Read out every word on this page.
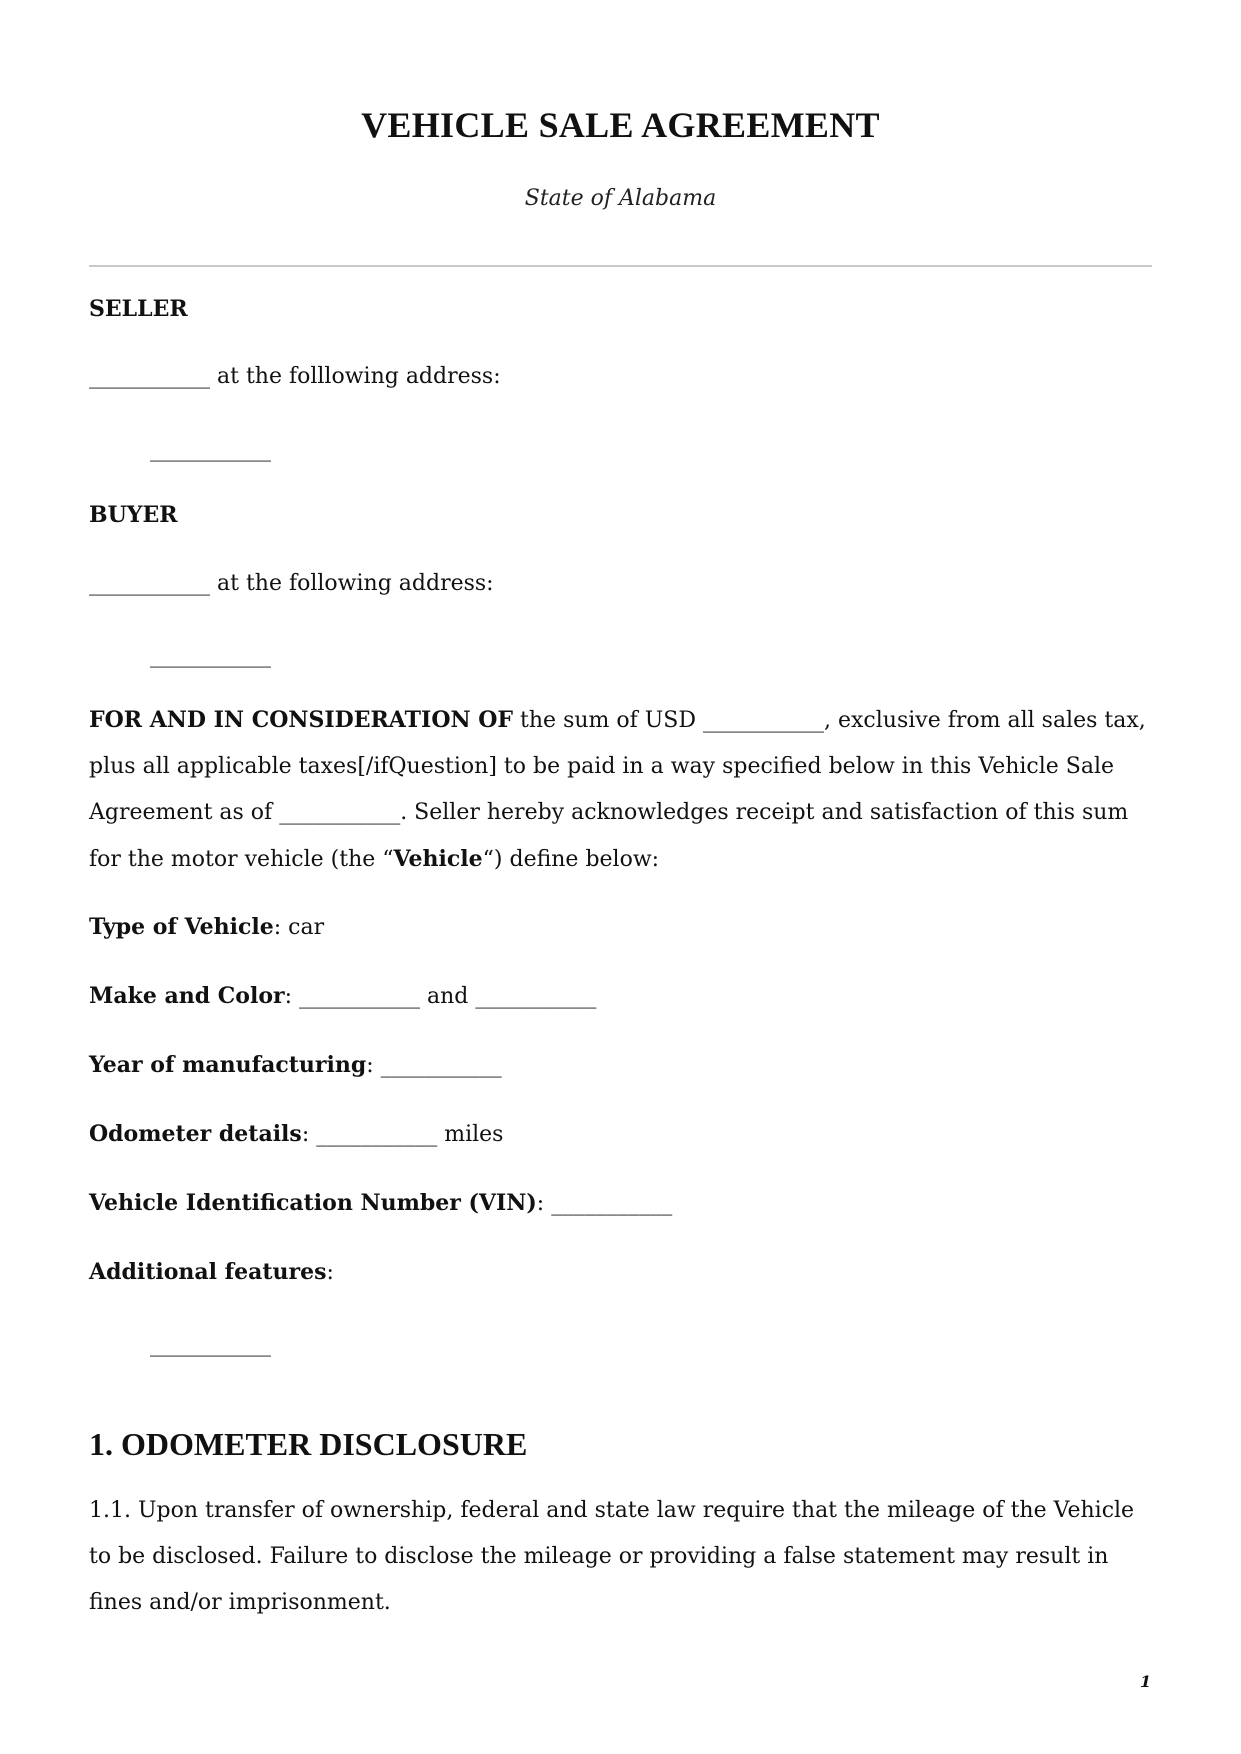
VEHICLE SALE AGREEMENT
State of Alabama
SELLER
___________ at the folllowing address:
___________
BUYER
___________ at the following address:
___________
FOR AND IN CONSIDERATION OF the sum of USD ___________, exclusive from all sales tax, plus all applicable taxes[/ifQuestion] to be paid in a way specified below in this Vehicle Sale Agreement as of ___________. Seller hereby acknowledges receipt and satisfaction of this sum for the motor vehicle (the “Vehicle“) define below:
Type of Vehicle: car
Make and Color: ___________ and ___________
Year of manufacturing: ___________
Odometer details: ___________ miles
Vehicle Identification Number (VIN): ___________
Additional features:
___________
1. ODOMETER DISCLOSURE
1.1. Upon transfer of ownership, federal and state law require that the mileage of the Vehicle to be disclosed. Failure to disclose the mileage or providing a false statement may result in fines and/or imprisonment.
1
